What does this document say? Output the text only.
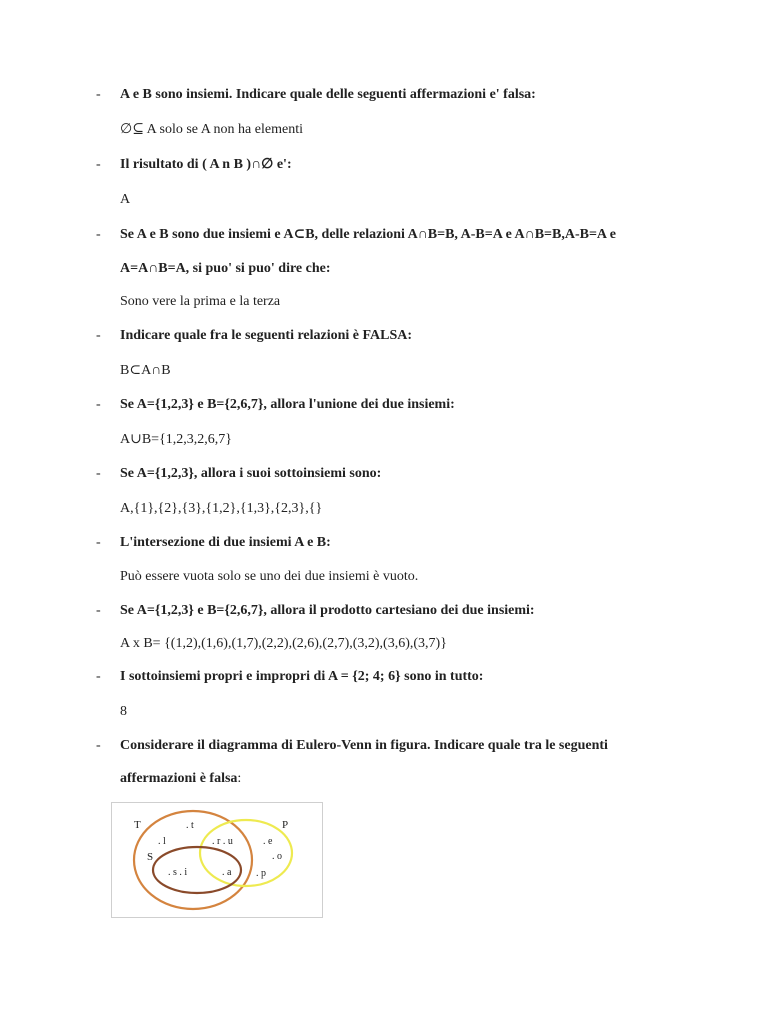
- A e B sono insiemi. Indicare quale delle seguenti affermazioni e' falsa:
∅⊆ A solo se A non ha elementi
- Il risultato di ( A n B )∩∅ e':
A
- Se A e B sono due insiemi e A⊂B, delle relazioni A∩B=B, A-B=A e A∩B=B,A-B=A e
A=A∩B=A, si puo' si puo' dire che:
Sono vere la prima e la terza
- Indicare quale fra le seguenti relazioni è FALSA:
B⊂A∩B
- Se A={1,2,3} e B={2,6,7}, allora l'unione dei due insiemi:
A∪B={1,2,3,2,6,7}
- Se A={1,2,3}, allora i suoi sottoinsiemi sono:
A,{1},{2},{3},{1,2},{1,3},{2,3},{}
- L'intersezione di due insiemi A e B:
Può essere vuota solo se uno dei due insiemi è vuoto.
- Se A={1,2,3} e B={2,6,7}, allora il prodotto cartesiano dei due insiemi:
A x B= {(1,2),(1,6),(1,7),(2,2),(2,6),(2,7),(3,2),(3,6),(3,7)}
- I sottoinsiemi propri e impropri di A = {2; 4; 6} sono in tutto:
8
- Considerare il diagramma di Eulero-Venn in figura. Indicare quale tra le seguenti
affermazioni è falsa:
T	P
S
. t
. l	. r . u	. e
. o
. s . i	. a . p
